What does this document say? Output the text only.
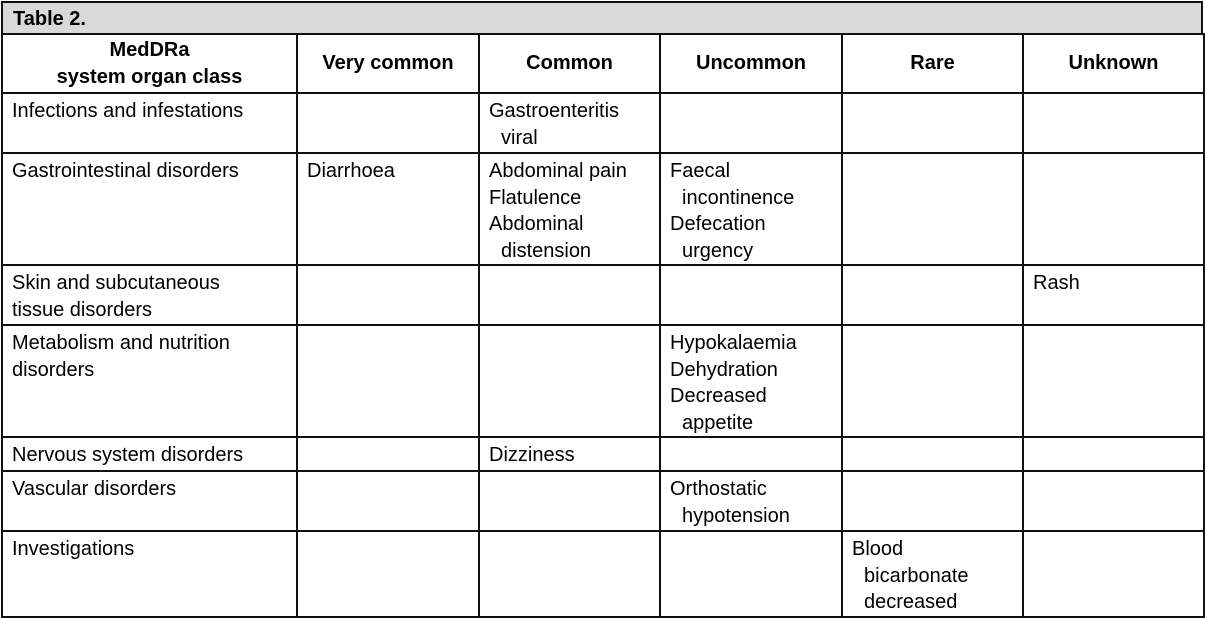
Table 2.
MedDRa
system organ class	Very common	Common	Uncommon	Rare	Unknown

Infections and infestations		Gastroenteritis
viral			

Gastrointestinal disorders	Diarrhoea	Abdominal pain
Flatulence
Abdominal
distension	Faecal
incontinence
Defecation
urgency		

Skin and subcutaneous
tissue disorders					Rash

Metabolism and nutrition
disorders			Hypokalaemia
Dehydration
Decreased
appetite		

Nervous system disorders		Dizziness			

Vascular disorders			Orthostatic
hypotension		

Investigations				Blood
bicarbonate
decreased	
